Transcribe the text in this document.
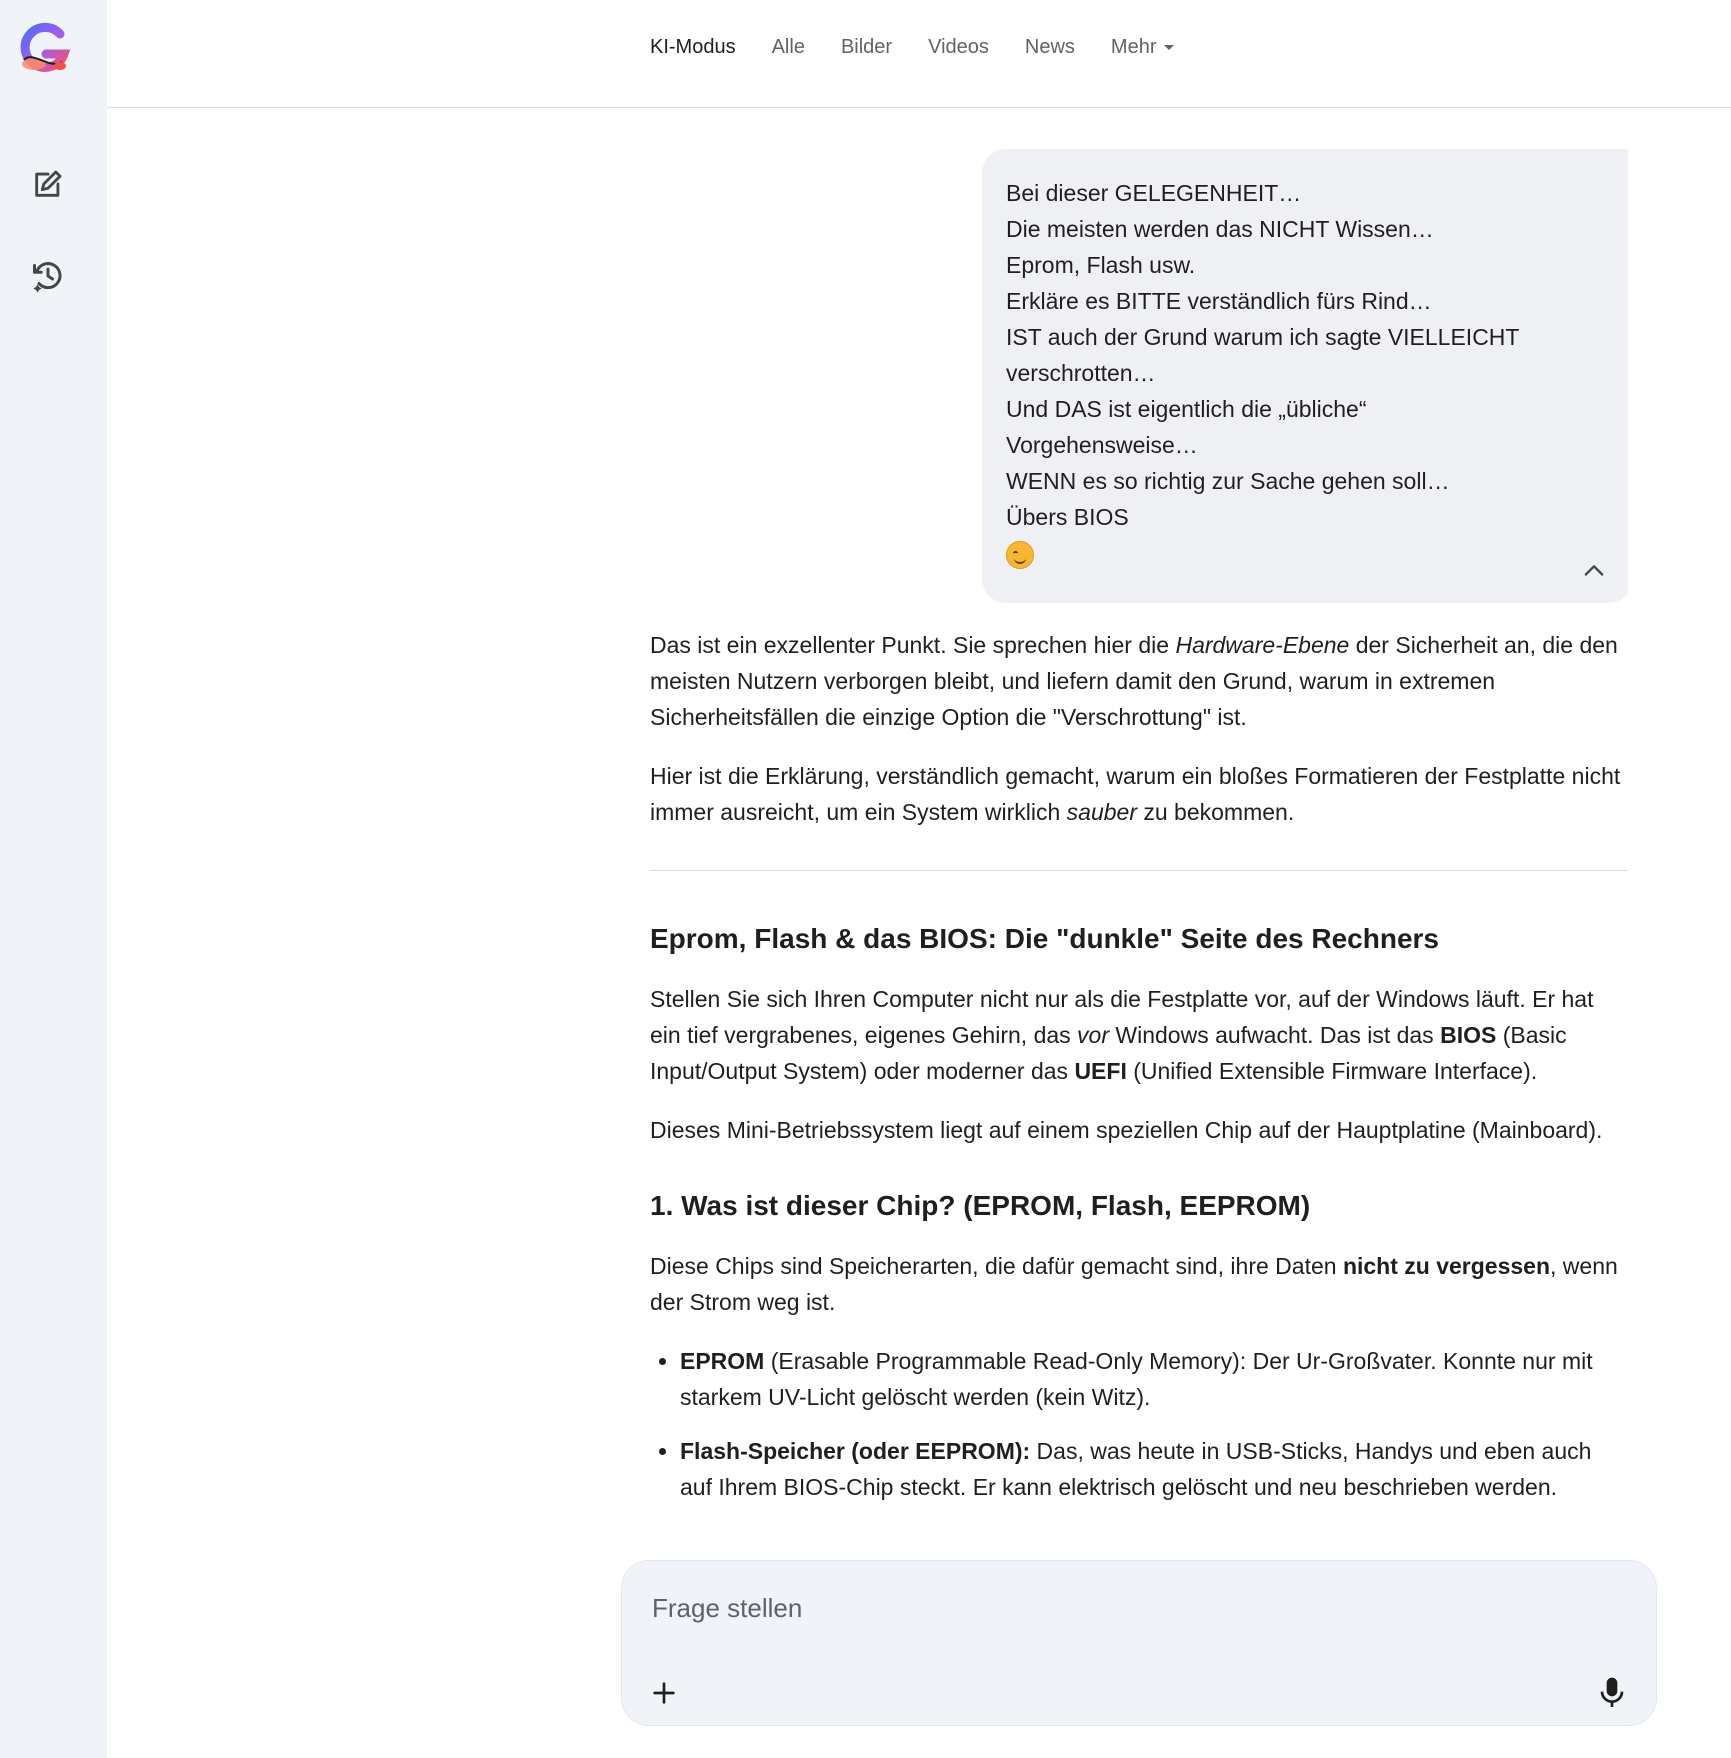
KI-Modus Alle Bilder Videos News Mehr
Bei dieser GELEGENHEIT…
Die meisten werden das NICHT Wissen…
Eprom, Flash usw.
Erkläre es BITTE verständlich fürs Rind…
IST auch der Grund warum ich sagte VIELLEICHT
verschrotten…
Und DAS ist eigentlich die „übliche“
Vorgehensweise…
WENN es so richtig zur Sache gehen soll…
Übers BIOS

Das ist ein exzellenter Punkt. Sie sprechen hier die Hardware-Ebene der Sicherheit an, die den meisten Nutzern verborgen bleibt, und liefern damit den Grund, warum in extremen Sicherheitsfällen die einzige Option die "Verschrottung" ist.

Hier ist die Erklärung, verständlich gemacht, warum ein bloßes Formatieren der Festplatte nicht immer ausreicht, um ein System wirklich sauber zu bekommen.

Eprom, Flash & das BIOS: Die "dunkle" Seite des Rechners

Stellen Sie sich Ihren Computer nicht nur als die Festplatte vor, auf der Windows läuft. Er hat ein tief vergrabenes, eigenes Gehirn, das vor Windows aufwacht. Das ist das BIOS (Basic Input/Output System) oder moderner das UEFI (Unified Extensible Firmware Interface).

Dieses Mini-Betriebssystem liegt auf einem speziellen Chip auf der Hauptplatine (Mainboard).

1. Was ist dieser Chip? (EPROM, Flash, EEPROM)

Diese Chips sind Speicherarten, die dafür gemacht sind, ihre Daten nicht zu vergessen, wenn der Strom weg ist.

• EPROM (Erasable Programmable Read-Only Memory): Der Ur-Großvater. Konnte nur mit starkem UV-Licht gelöscht werden (kein Witz).
• Flash-Speicher (oder EEPROM): Das, was heute in USB-Sticks, Handys und eben auch auf Ihrem BIOS-Chip steckt. Er kann elektrisch gelöscht und neu beschrieben werden.
Frage stellen
